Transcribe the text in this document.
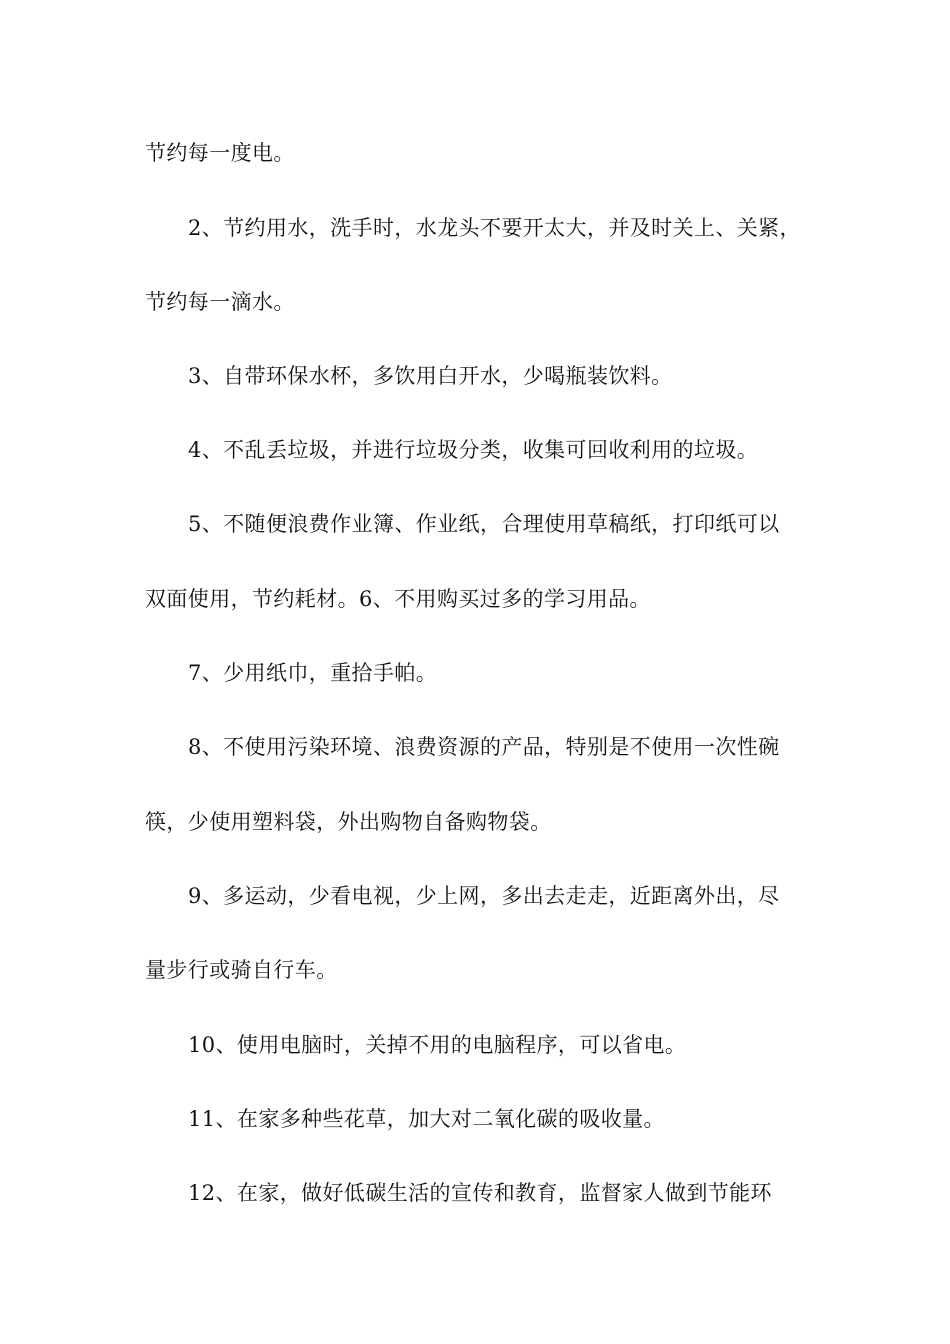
节约每一度电。
2、节约用水，洗手时，水龙头不要开太大，并及时关上、关紧，
节约每一滴水。
3、自带环保水杯，多饮用白开水，少喝瓶装饮料。
4、不乱丢垃圾，并进行垃圾分类，收集可回收利用的垃圾。
5、不随便浪费作业簿、作业纸，合理使用草稿纸，打印纸可以
双面使用，节约耗材。6、不用购买过多的学习用品。
7、少用纸巾，重拾手帕。
8、不使用污染环境、浪费资源的产品，特别是不使用一次性碗
筷，少使用塑料袋，外出购物自备购物袋。
9、多运动，少看电视，少上网，多出去走走，近距离外出，尽
量步行或骑自行车。
10、使用电脑时，关掉不用的电脑程序，可以省电。
11、在家多种些花草，加大对二氧化碳的吸收量。
12、在家，做好低碳生活的宣传和教育，监督家人做到节能环
